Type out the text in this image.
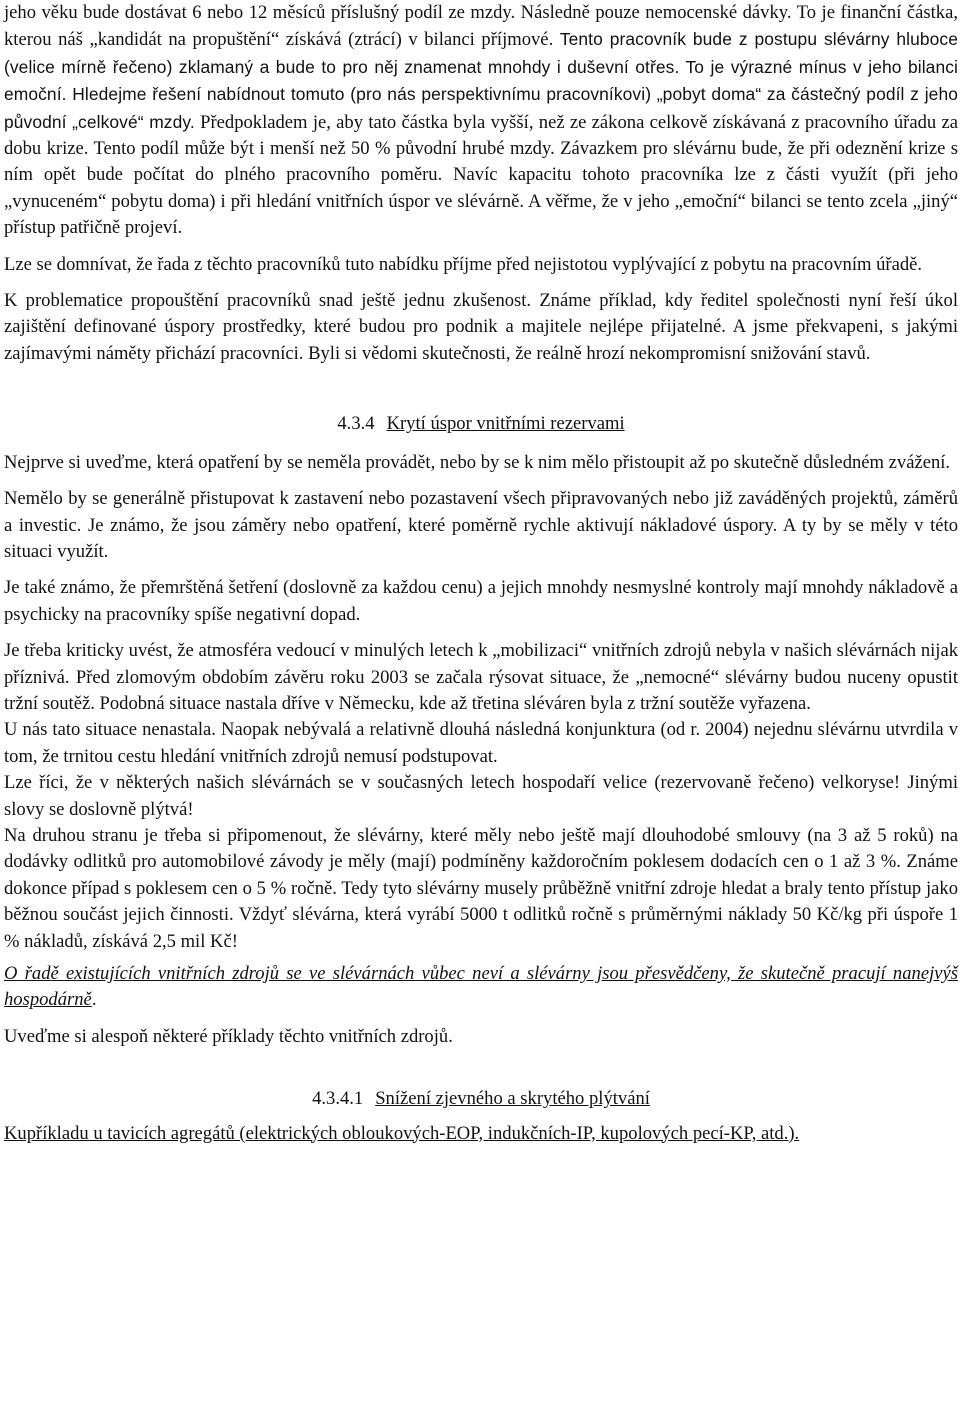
jeho věku bude dostávat 6 nebo 12 měsíců příslušný podíl ze mzdy. Následně pouze nemocenské dávky. To je finanční částka, kterou náš „kandidát na propuštění“ získává (ztrácí) v bilanci příjmové. Tento pracovník bude z postupu slévárny hluboce (velice mírně řečeno) zklamaný a bude to pro něj znamenat mnohdy i duševní otřes. To je výrazné mínus v jeho bilanci emoční. Hledejme řešení nabídnout tomuto (pro nás perspektivnímu pracovníkovi) „pobyt doma“ za částečný podíl z jeho původní „celkové“ mzdy. Předpokladem je, aby tato částka byla vyšší, než ze zákona celkově získávaná z pracovního úřadu za dobu krize. Tento podíl může být i menší než 50 % původní hrubé mzdy. Závazkem pro slévárnu bude, že při odeznění krize s ním opět bude počítat do plného pracovního poměru. Navíc kapacitu tohoto pracovníka lze z části využít (při jeho „vynuceném“ pobytu doma) i při hledání vnitřních úspor ve slévárně. A věřme, že v jeho „emoční“ bilanci se tento zcela „jiný“ přístup patřičně projeví.

Lze se domnívat, že řada z těchto pracovníků tuto nabídku příjme před nejistotou vyplývající z pobytu na pracovním úřadě.

K problematice propouštění pracovníků snad ještě jednu zkušenost. Známe příklad, kdy ředitel společnosti nyní řeší úkol zajištění definované úspory prostředky, které budou pro podnik a majitele nejlépe přijatelné. A jsme překvapeni, s jakými zajímavými náměty přichází pracovníci. Byli si vědomi skutečnosti, že reálně hrozí nekompromisní snižování stavů.

4.3.4 Krytí úspor vnitřními rezervami

Nejprve si uveďme, která opatření by se neměla provádět, nebo by se k nim mělo přistoupit až po skutečně důsledném zvážení.

Nemělo by se generálně přistupovat k zastavení nebo pozastavení všech připravovaných nebo již zaváděných projektů, záměrů a investic. Je známo, že jsou záměry nebo opatření, které poměrně rychle aktivují nákladové úspory. A ty by se měly v této situaci využít.

Je také známo, že přemrštěná šetření (doslovně za každou cenu) a jejich mnohdy nesmyslné kontroly mají mnohdy nákladově a psychicky na pracovníky spíše negativní dopad.

Je třeba kriticky uvést, že atmosféra vedoucí v minulých letech k „mobilizaci“ vnitřních zdrojů nebyla v našich slévárnách nijak příznivá. Před zlomovým obdobím závěru roku 2003 se začala rýsovat situace, že „nemocné“ slévárny budou nuceny opustit tržní soutěž. Podobná situace nastala dříve v Německu, kde až třetina sléváren byla z tržní soutěže vyřazena.

U nás tato situace nenastala. Naopak nebývalá a relativně dlouhá následná konjunktura (od r. 2004) nejednu slévárnu utvrdila v tom, že trnitou cestu hledání vnitřních zdrojů nemusí podstupovat.

Lze říci, že v některých našich slévárnách se v současných letech hospodaří velice (rezervovaně řečeno) velkoryse! Jinými slovy se doslovně plýtvá!

Na druhou stranu je třeba si připomenout, že slévárny, které měly nebo ještě mají dlouhodobé smlouvy (na 3 až 5 roků) na dodávky odlitků pro automobilové závody je měly (mají) podmíněny každoročním poklesem dodacích cen o 1 až 3 %. Známe dokonce případ s poklesem cen o 5 % ročně. Tedy tyto slévárny musely průběžně vnitřní zdroje hledat a braly tento přístup jako běžnou součást jejich činnosti. Vždyť slévárna, která vyrábí 5000 t odlitků ročně s průměrnými náklady 50 Kč/kg při úspoře 1 % nákladů, získává 2,5 mil Kč!

O řadě existujících vnitřních zdrojů se ve slévárnách vůbec neví a slévárny jsou přesvědčeny, že skutečně pracují nanejvýš hospodárně.

Uveďme si alespoň některé příklady těchto vnitřních zdrojů.

4.3.4.1 Snížení zjevného a skrytého plýtvání

Kupříkladu u tavicích agregátů (elektrických obloukových-EOP, indukčních-IP, kupolových pecí-KP, atd.).
